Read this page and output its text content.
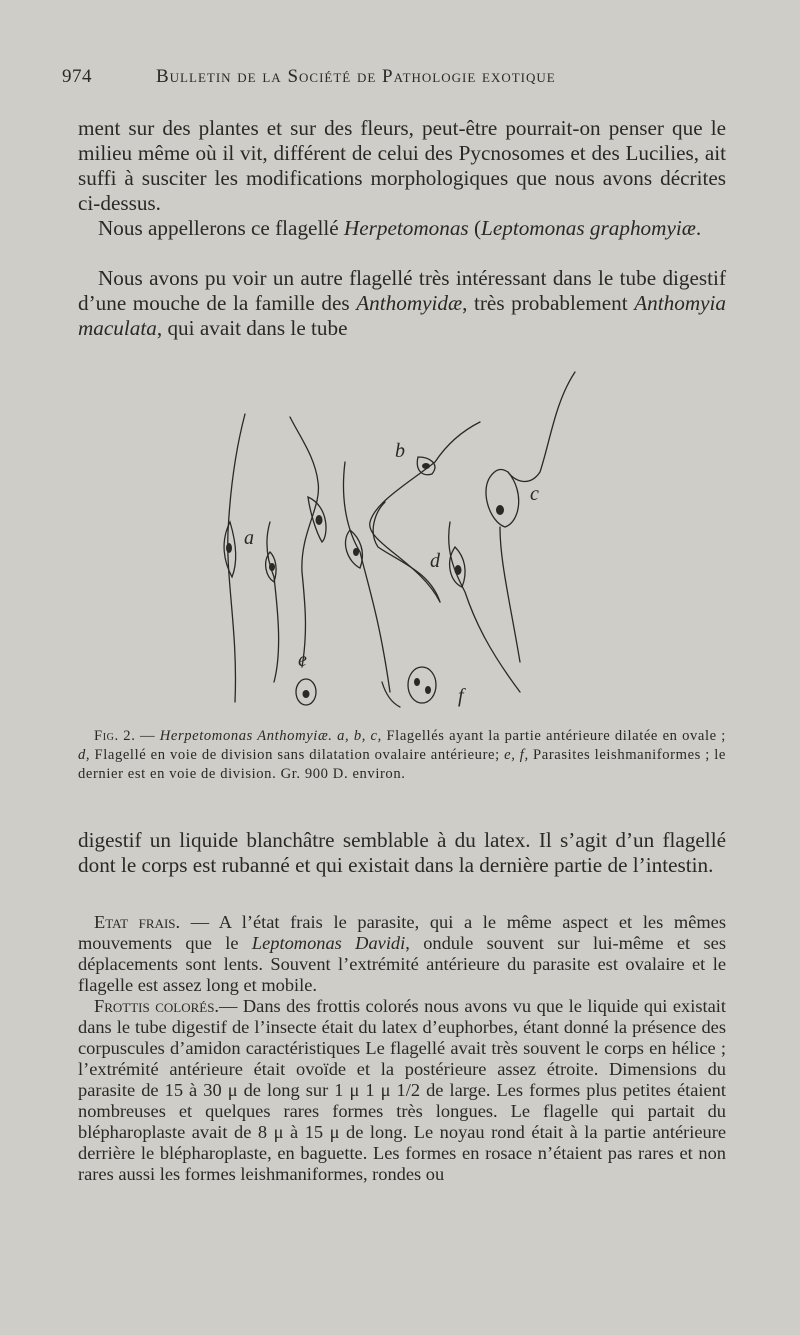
974	Bulletin de la Société de Pathologie exotique

ment sur des plantes et sur des fleurs, peut-être pourrait-on penser que le milieu même où il vit, différent de celui des Pycnosomes et des Lucilies, ait suffi à susciter les modifications morphologiques que nous avons décrites ci-dessus.

Nous appellerons ce flagellé Herpetomonas (Leptomonas graphomyiæ.

Nous avons pu voir un autre flagellé très intéressant dans le tube digestif d’une mouche de la famille des Anthomyidæ, très probablement Anthomyia maculata, qui avait dans le tube

a
b
c
d
e
f

Fig. 2. — Herpetomonas Anthomyiæ. a, b, c, Flagellés ayant la partie antérieure dilatée en ovale ; d, Flagellé en voie de division sans dilatation ovalaire antérieure; e, f, Parasites leishmaniformes ; le dernier est en voie de division. Gr. 900 D. environ.

digestif un liquide blanchâtre semblable à du latex. Il s’agit d’un flagellé dont le corps est rubanné et qui existait dans la dernière partie de l’intestin.

Etat frais. — A l’état frais le parasite, qui a le même aspect et les mêmes mouvements que le Leptomonas Davidi, ondule souvent sur lui-même et ses déplacements sont lents. Souvent l’extrémité antérieure du parasite est ovalaire et le flagelle est assez long et mobile.

Frottis colorés.— Dans des frottis colorés nous avons vu que le liquide qui existait dans le tube digestif de l’insecte était du latex d’euphorbes, étant donné la présence des corpuscules d’amidon caractéristiques Le flagellé avait très souvent le corps en hélice ; l’extrémité antérieure était ovoïde et la postérieure assez étroite. Dimensions du parasite de 15 à 30 μ de long sur 1 μ 1 μ 1/2 de large. Les formes plus petites étaient nombreuses et quelques rares formes très longues. Le flagelle qui partait du blépharoplaste avait de 8 μ à 15 μ de long. Le noyau rond était à la partie antérieure derrière le blépharoplaste, en baguette. Les formes en rosace n’étaient pas rares et non rares aussi les formes leishmaniformes, rondes ou
